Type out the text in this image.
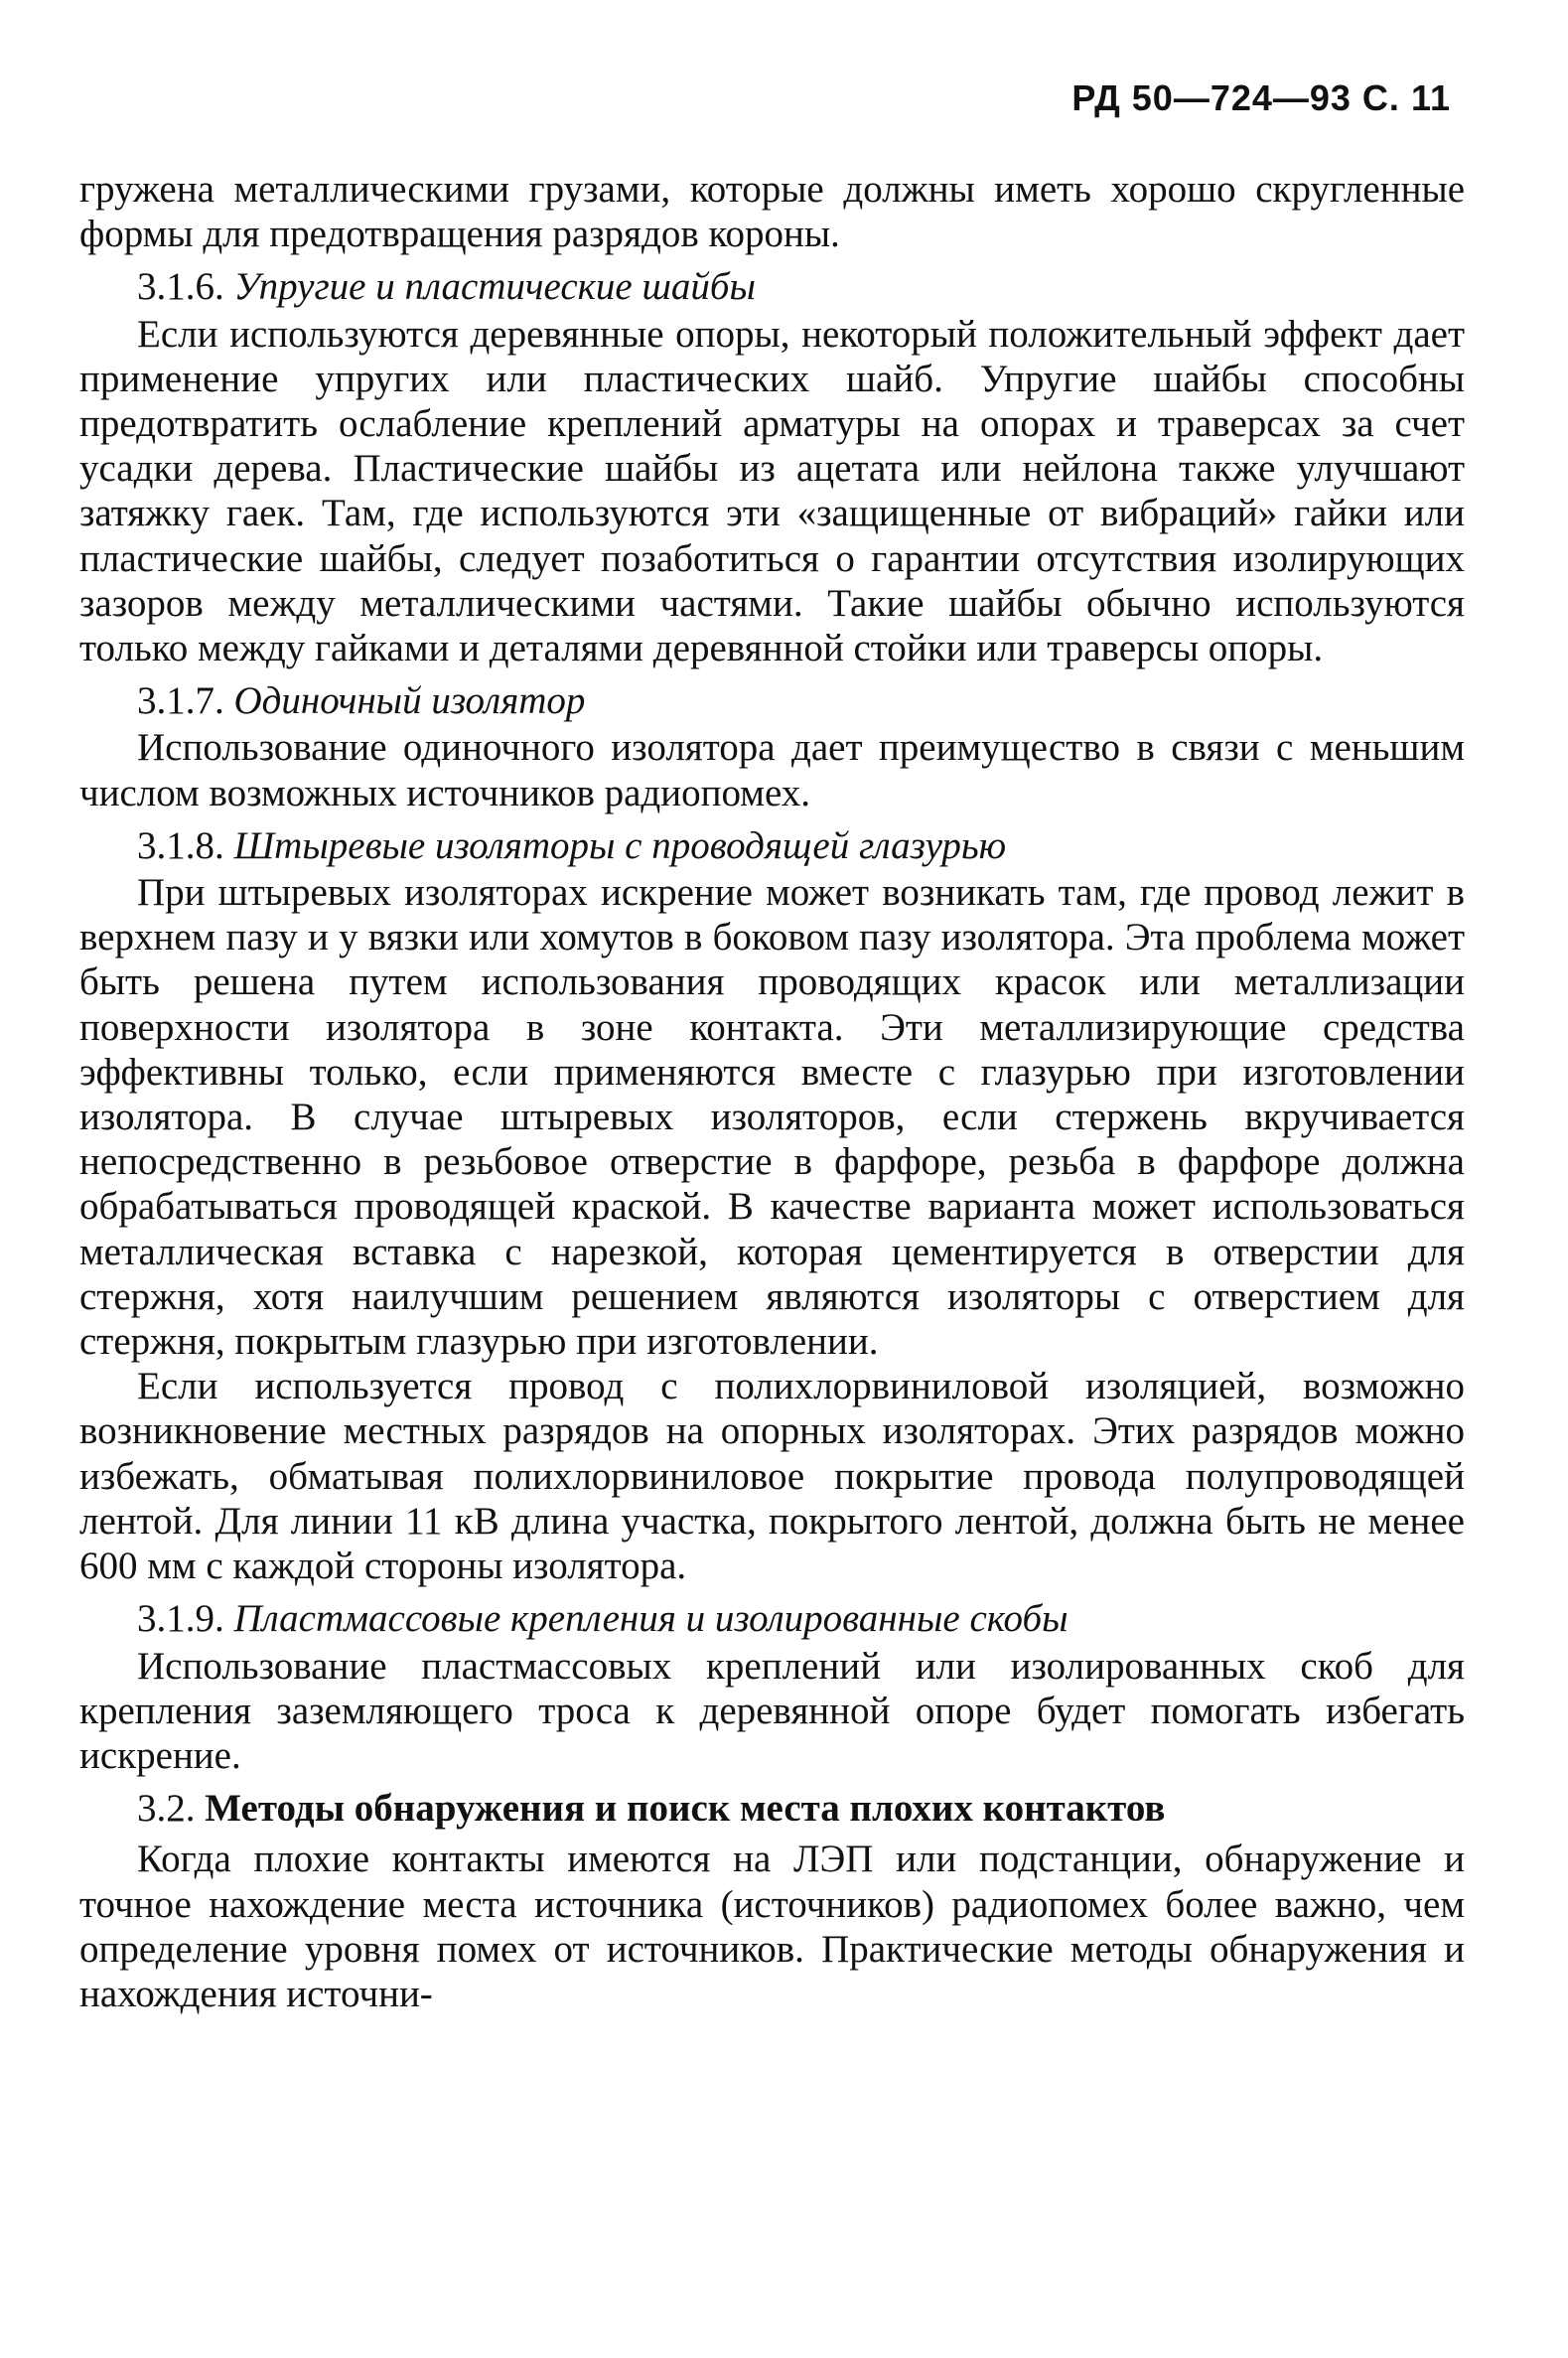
РД 50—724—93 С. 11

гружена металлическими грузами, которые должны иметь хорошо скругленные формы для предотвращения разрядов короны.

3.1.6. Упругие и пластические шайбы

Если используются деревянные опоры, некоторый положительный эффект дает применение упругих или пластических шайб. Упругие шайбы способны предотвратить ослабление креплений арматуры на опорах и траверсах за счет усадки дерева. Пластические шайбы из ацетата или нейлона также улучшают затяжку гаек. Там, где используются эти «защищенные от вибраций» гайки или пластические шайбы, следует позаботиться о гарантии отсутствия изолирующих зазоров между металлическими частями. Такие шайбы обычно используются только между гайками и деталями деревянной стойки или траверсы опоры.

3.1.7. Одиночный изолятор

Использование одиночного изолятора дает преимущество в связи с меньшим числом возможных источников радиопомех.

3.1.8. Штыревые изоляторы с проводящей глазурью

При штыревых изоляторах искрение может возникать там, где провод лежит в верхнем пазу и у вязки или хомутов в боковом пазу изолятора. Эта проблема может быть решена путем использования проводящих красок или металлизации поверхности изолятора в зоне контакта. Эти металлизирующие средства эффективны только, если применяются вместе с глазурью при изготовлении изолятора. В случае штыревых изоляторов, если стержень вкручивается непосредственно в резьбовое отверстие в фарфоре, резьба в фарфоре должна обрабатываться проводящей краской. В качестве варианта может использоваться металлическая вставка с нарезкой, которая цементируется в отверстии для стержня, хотя наилучшим решением являются изоляторы с отверстием для стержня, покрытым глазурью при изготовлении.

Если используется провод с полихлорвиниловой изоляцией, возможно возникновение местных разрядов на опорных изоляторах. Этих разрядов можно избежать, обматывая полихлорвиниловое покрытие провода полупроводящей лентой. Для линии 11 кВ длина участка, покрытого лентой, должна быть не менее 600 мм с каждой стороны изолятора.

3.1.9. Пластмассовые крепления и изолированные скобы

Использование пластмассовых креплений или изолированных скоб для крепления заземляющего троса к деревянной опоре будет помогать избегать искрение.

3.2. Методы обнаружения и поиск места плохих контактов

Когда плохие контакты имеются на ЛЭП или подстанции, обнаружение и точное нахождение места источника (источников) радиопомех более важно, чем определение уровня помех от источников. Практические методы обнаружения и нахождения источни-
